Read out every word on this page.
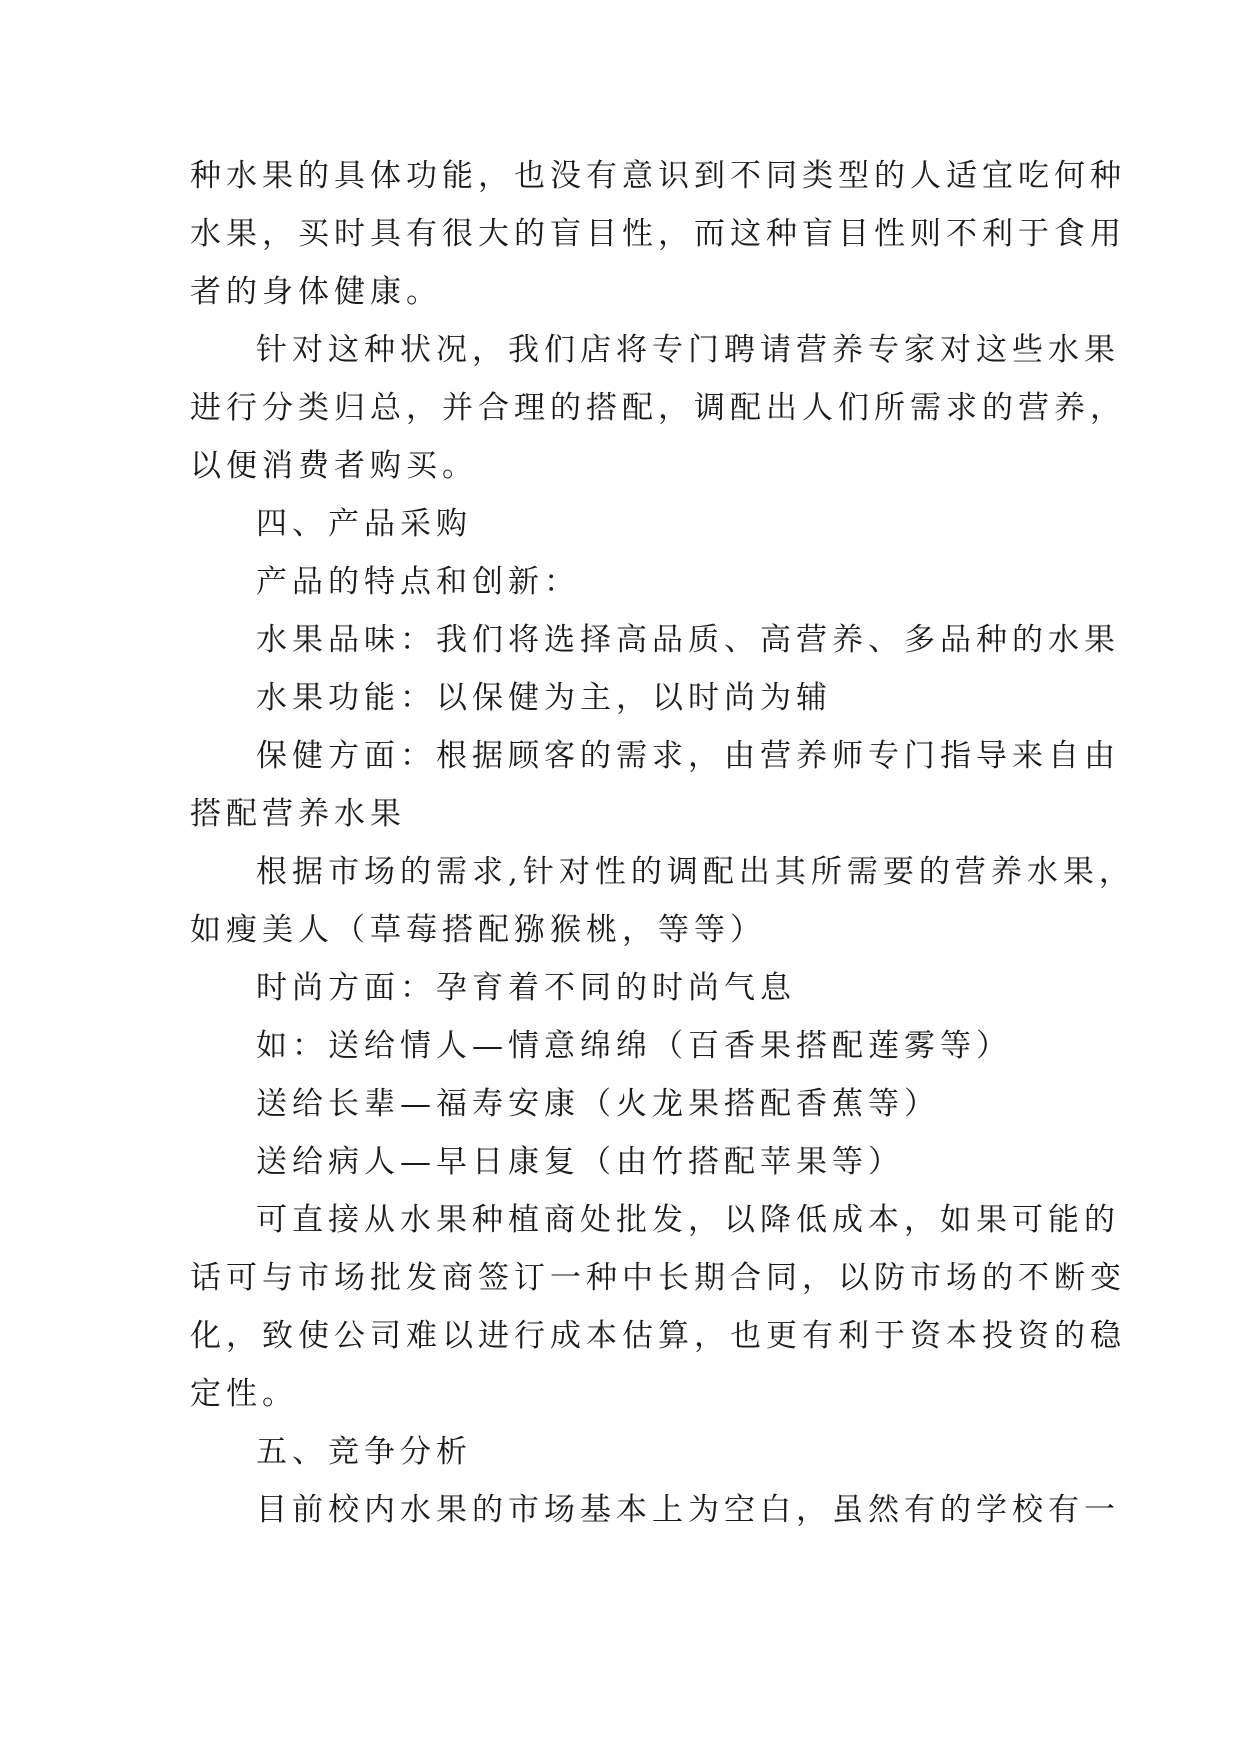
种水果的具体功能，也没有意识到不同类型的人适宜吃何种
水果，买时具有很大的盲目性，而这种盲目性则不利于食用
者的身体健康。
针对这种状况，我们店将专门聘请营养专家对这些水果
进行分类归总，并合理的搭配，调配出人们所需求的营养，
以便消费者购买。
四、产品采购
产品的特点和创新：
水果品味：我们将选择高品质、高营养、多品种的水果
水果功能：以保健为主，以时尚为辅
保健方面：根据顾客的需求，由营养师专门指导来自由
搭配营养水果
根据市场的需求,针对性的调配出其所需要的营养水果，
如瘦美人（草莓搭配猕猴桃，等等）
时尚方面：孕育着不同的时尚气息
如：送给情人—情意绵绵（百香果搭配莲雾等）
送给长辈—福寿安康（火龙果搭配香蕉等）
送给病人—早日康复（由竹搭配苹果等）
可直接从水果种植商处批发，以降低成本，如果可能的
话可与市场批发商签订一种中长期合同，以防市场的不断变
化，致使公司难以进行成本估算，也更有利于资本投资的稳
定性。
五、竞争分析
目前校内水果的市场基本上为空白，虽然有的学校有一
